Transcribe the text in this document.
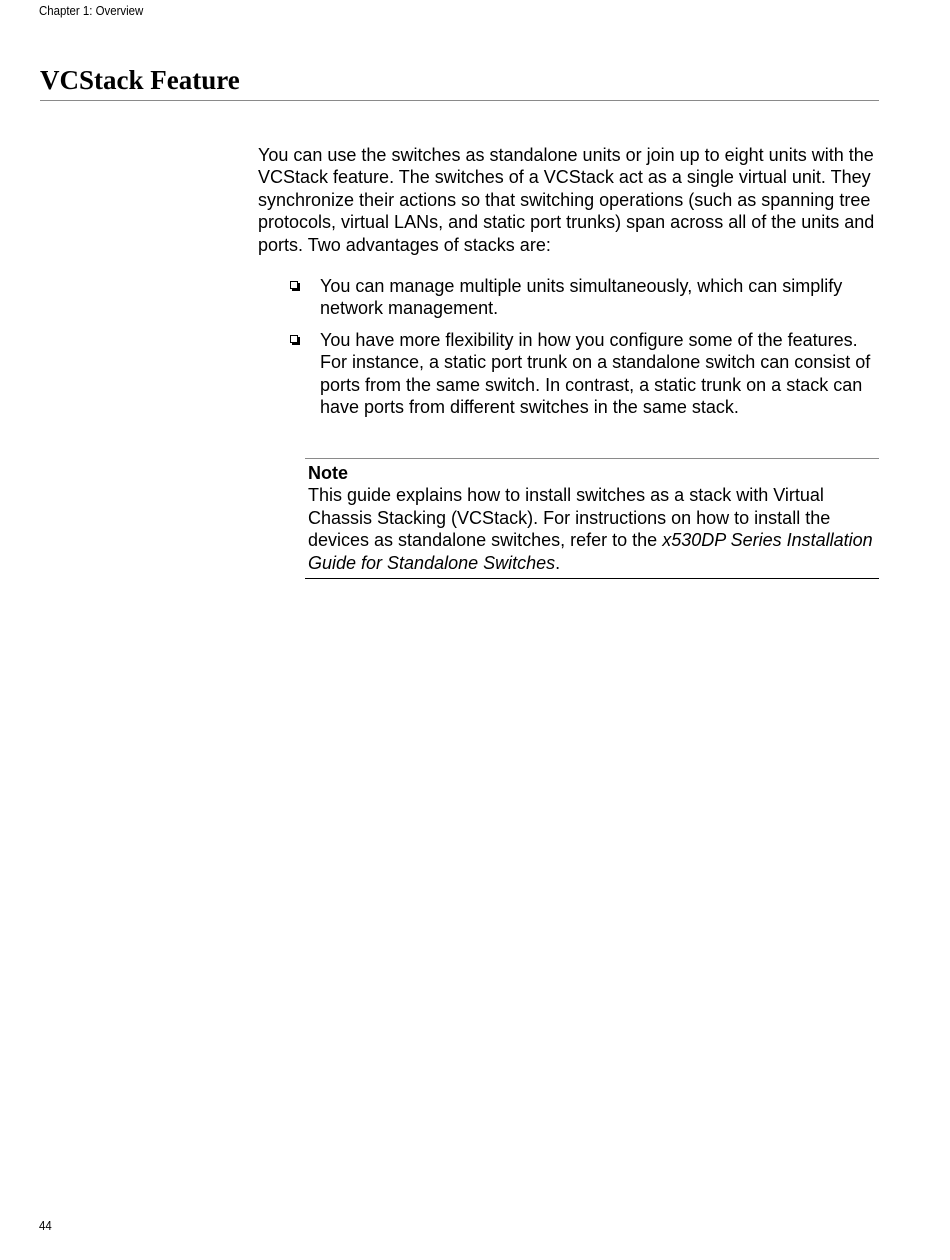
Chapter 1: Overview
VCStack Feature

You can use the switches as standalone units or join up to eight units with the VCStack feature. The switches of a VCStack act as a single virtual unit. They synchronize their actions so that switching operations (such as spanning tree protocols, virtual LANs, and static port trunks) span across all of the units and ports. Two advantages of stacks are:

You can manage multiple units simultaneously, which can simplify network management.
You have more flexibility in how you configure some of the features. For instance, a static port trunk on a standalone switch can consist of ports from the same switch. In contrast, a static trunk on a stack can have ports from different switches in the same stack.
Note

This guide explains how to install switches as a stack with Virtual Chassis Stacking (VCStack). For instructions on how to install the devices as standalone switches, refer to the x530DP Series Installation Guide for Standalone Switches.

44
